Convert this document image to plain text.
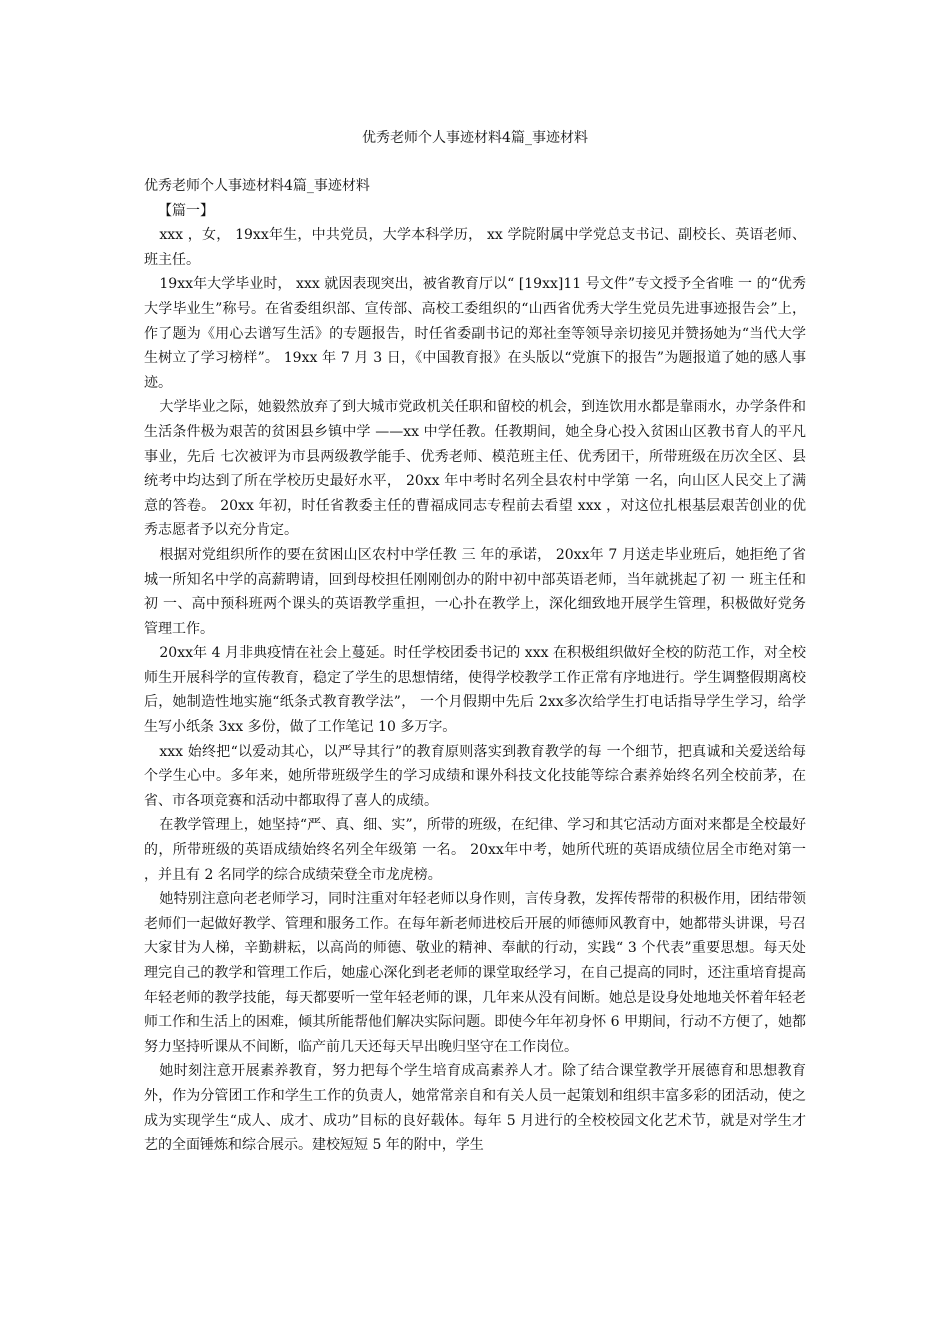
优秀老师个人事迹材料4篇_事迹材料

优秀老师个人事迹材料4篇_事迹材料

【篇一】

xxx ，女， 19xx年生，中共党员，大学本科学历， xx 学院附属中学党总支书记、副校长、英语老师、班主任。

19xx年大学毕业时， xxx 就因表现突出，被省教育厅以“ [19xx]11 号文件”专文授予全省唯 一 的“优秀大学毕业生”称号。在省委组织部、宣传部、高校工委组织的“山西省优秀大学生党员先进事迹报告会”上，作了题为《用心去谱写生活》的专题报告，时任省委副书记的郑社奎等领导亲切接见并赞扬她为“当代大学生树立了学习榜样”。 19xx 年 7 月 3 日，《中国教育报》在头版以“党旗下的报告”为题报道了她的感人事迹。

大学毕业之际，她毅然放弃了到大城市党政机关任职和留校的机会，到连饮用水都是靠雨水，办学条件和生活条件极为艰苦的贫困县乡镇中学 ——xx 中学任教。任教期间，她全身心投入贫困山区教书育人的平凡事业，先后 七次被评为市县两级教学能手、优秀老师、模范班主任、优秀团干，所带班级在历次全区、县统考中均达到了所在学校历史最好水平， 20xx 年中考时名列全县农村中学第 一名，向山区人民交上了满意的答卷。 20xx 年初，时任省教委主任的曹福成同志专程前去看望 xxx ，对这位扎根基层艰苦创业的优秀志愿者予以充分肯定。

根据对党组织所作的要在贫困山区农村中学任教 三 年的承诺， 20xx年 7 月送走毕业班后，她拒绝了省城一所知名中学的高薪聘请，回到母校担任刚刚创办的附中初中部英语老师，当年就挑起了初 一 班主任和初 一、高中预科班两个课头的英语教学重担，一心扑在教学上，深化细致地开展学生管理，积极做好党务管理工作。

20xx年 4 月非典疫情在社会上蔓延。时任学校团委书记的 xxx 在积极组织做好全校的防范工作，对全校师生开展科学的宣传教育，稳定了学生的思想情绪，使得学校教学工作正常有序地进行。学生调整假期离校后，她制造性地实施“纸条式教育教学法”， 一个月假期中先后 2xx多次给学生打电话指导学生学习，给学生写小纸条 3xx 多份，做了工作笔记 10 多万字。

xxx 始终把“以爱动其心，以严导其行”的教育原则落实到教育教学的每 一个细节，把真诚和关爱送给每个学生心中。多年来，她所带班级学生的学习成绩和课外科技文化技能等综合素养始终名列全校前茅，在省、市各项竞赛和活动中都取得了喜人的成绩。

在教学管理上，她坚持“严、真、细、实”，所带的班级，在纪律、学习和其它活动方面对来都是全校最好的，所带班级的英语成绩始终名列全年级第 一名。 20xx年中考，她所代班的英语成绩位居全市绝对第一 ，并且有 2 名同学的综合成绩荣登全市龙虎榜。

她特别注意向老老师学习，同时注重对年轻老师以身作则，言传身教，发挥传帮带的积极作用，团结带领老师们一起做好教学、管理和服务工作。在每年新老师进校后开展的师德师风教育中，她都带头讲课，号召大家甘为人梯，辛勤耕耘，以高尚的师德、敬业的精神、奉献的行动，实践“ 3 个代表”重要思想。每天处理完自己的教学和管理工作后，她虚心深化到老老师的课堂取经学习，在自己提高的同时，还注重培育提高年轻老师的教学技能，每天都要听一堂年轻老师的课，几年来从没有间断。她总是设身处地地关怀着年轻老师工作和生活上的困难，倾其所能帮他们解决实际问题。即使今年年初身怀 6 甲期间，行动不方便了，她都努力坚持听课从不间断，临产前几天还每天早出晚归坚守在工作岗位。

她时刻注意开展素养教育，努力把每个学生培育成高素养人才。除了结合课堂教学开展德育和思想教育外，作为分管团工作和学生工作的负责人，她常常亲自和有关人员一起策划和组织丰富多彩的团活动，使之成为实现学生“成人、成才、成功”目标的良好载体。每年 5 月进行的全校校园文化艺术节，就是对学生才艺的全面锤炼和综合展示。建校短短 5 年的附中，学生
